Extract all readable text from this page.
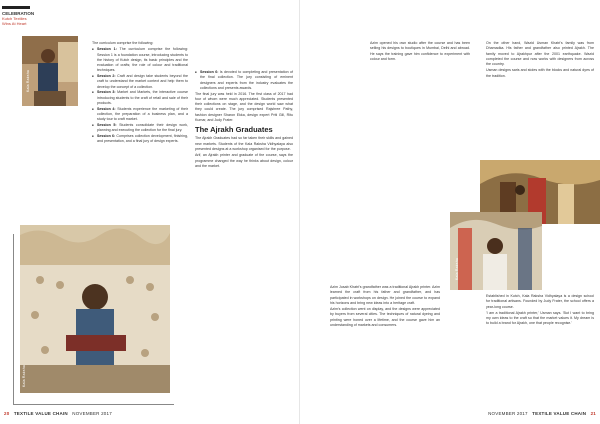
CELEBRATION
Kutch Textiles Wins At Heart
Kala Raksha
Kala Raksha

The curriculum comprise the following:

■ Session 1: The curriculum comprise the following: Session 1 is a foundation course, introducing students to the history of Kutch design, its basic principles and the evaluation of crafts; the role of colour and traditional techniques.
■ Session 2: Craft and design take students beyond the craft to understand the market context and help them to develop the concept of a collection.
■ Session 3: Market and Markets, the interactive course introducing students to the craft of retail and sale of their products.
■ Session 4: Students experience the marketing of their collection, the preparation of a business plan, and a study tour to craft market.
■ Session 5: Students consolidate their design work, planning and executing the collection for the final jury.
■ Session 6: Comprises collection development, finishing, and presentation, and a final jury of design experts.
■ Session 6: Is devoted to completing and presentation of the final collection. The jury consisting of eminent designers and experts from the industry evaluates the collections and presents awards.

The final jury was held in 2016. The first class of 2017 had four of whom were much appreciated. Students presented their collections on stage, and the design world saw what they could create. The jury comprised Rajshree Pathy, fashion designer Sharon Ekka, design expert Priti Gill, Ritu Kumar, and Judy Frater.

The Ajrakh Graduates

The Ajrakh Graduates had so far taken their skills and gained new markets. Students of the Kala Raksha Vidhyalaya also presented designs at a workshop organised for the purpose.

Arif, an Ajrakh printer and graduate of the course, says the programme changed the way he thinks about design, colour and the market.

20 TEXTILE VALUE CHAIN NOVEMBER 2017
Kala Raksha

Azim Jusab Khatri's grandfather was a traditional Ajrakh printer. Azim learned the craft from his father and grandfather, and has participated in workshops on design. He joined the course to expand his horizons and bring new ideas into a heritage craft.

Azim's collection went on display, and the designs were appreciated by buyers from several cities. The techniques of natural dyeing and printing were honed over a lifetime, and the course gave him an understanding of markets and consumers.

Azim opened his own studio after the course and has been selling his designs to boutiques in Mumbai, Delhi and abroad. He says the training gave him confidence to experiment with colour and form.

On the other hand, Wazid Usman Khatri's family was from Dhamadka. His father and grandfather also printed Ajrakh. The family moved to Ajrakhpur after the 2001 earthquake. Wazid completed the course and now works with designers from across the country.

Usman designs saris and stoles with the blocks and natural dyes of the tradition.

Established in Kutch, Kala Raksha Vidhyalaya is a design school for traditional artisans. Founded by Judy Frater, the school offers a year-long course.

'I am a traditional Ajrakh printer,' Usman says. 'But I want to bring my own ideas to the craft so that the market values it. My dream is to build a brand for Ajrakh, one that people recognise.'

NOVEMBER 2017 TEXTILE VALUE CHAIN 21
